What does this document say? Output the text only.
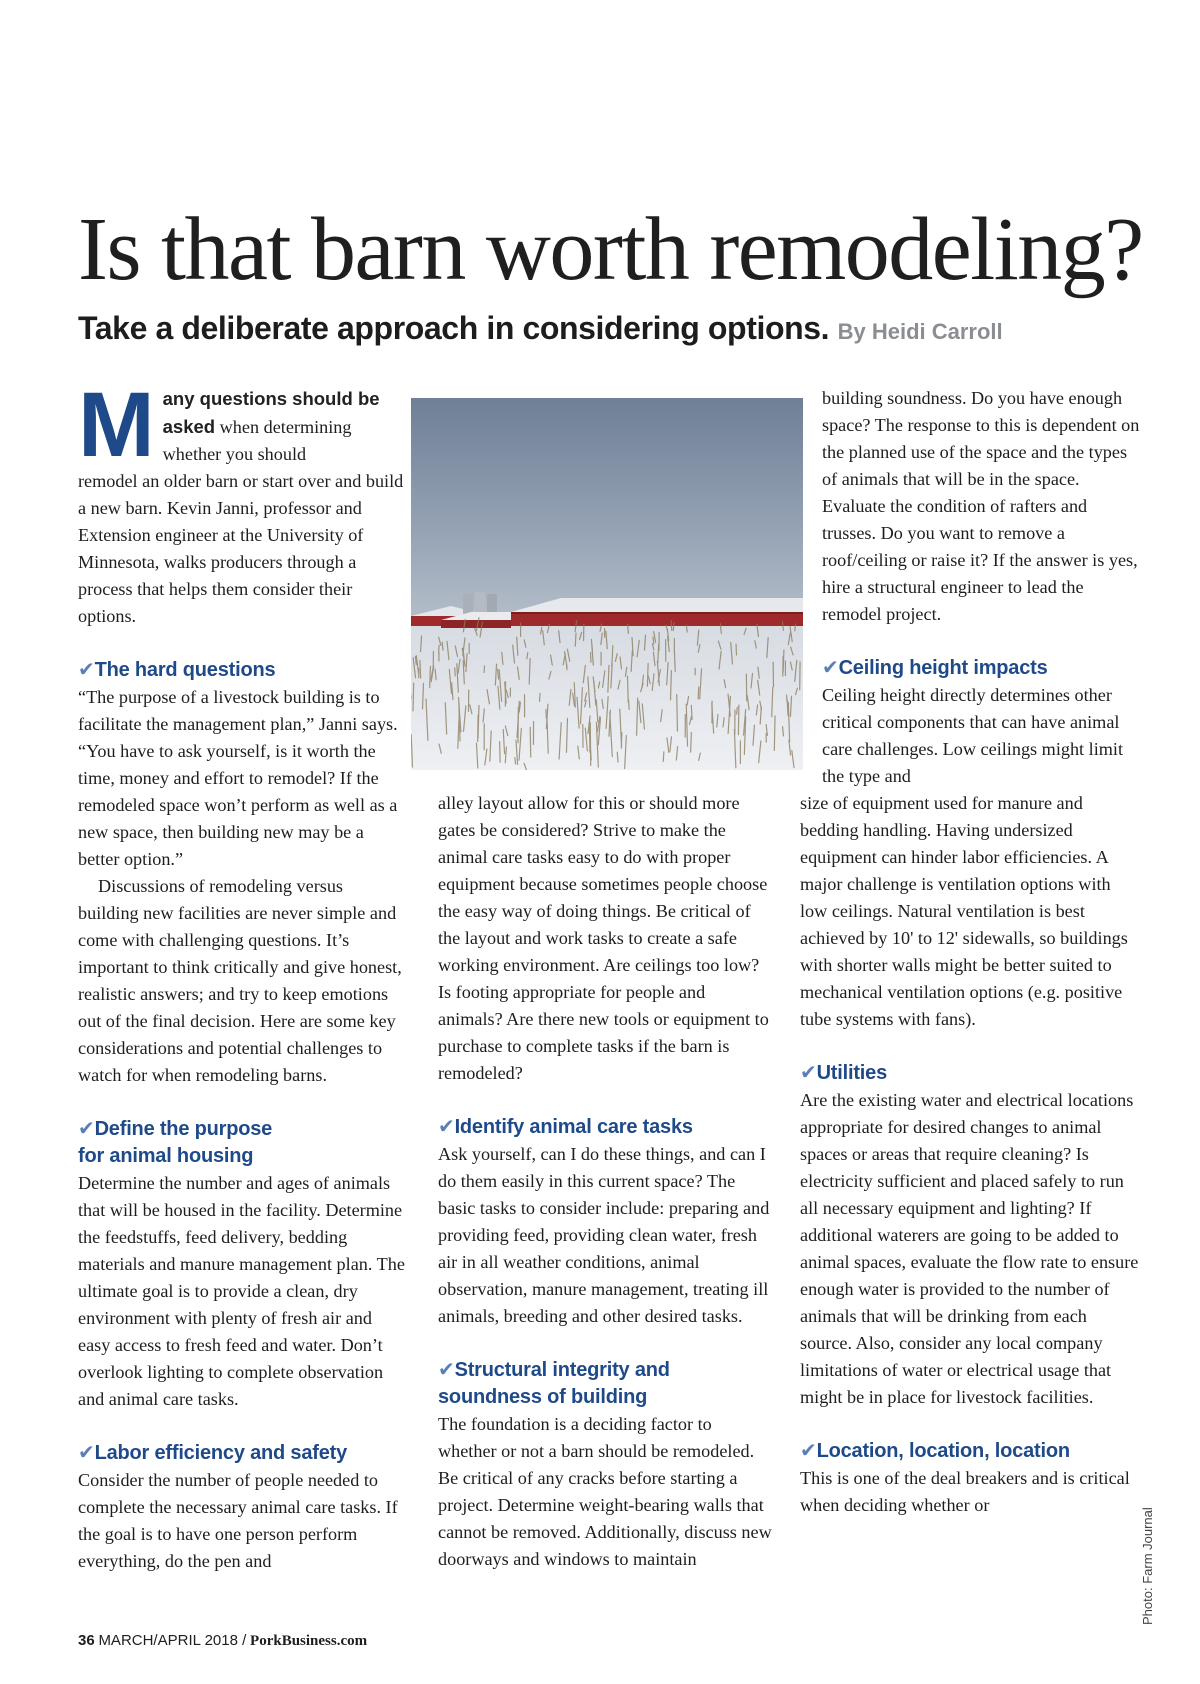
Is that barn worth remodeling?

Take a deliberate approach in considering options. By Heidi Carroll

Many questions should be asked when determining
whether you should
remodel an older barn or start over and build a new barn. Kevin Janni, professor and Extension engineer at the University of Minnesota, walks producers through a process that helps them consider their options.

✔The hard questions

“The purpose of a livestock building is to facilitate the management plan,” Janni says. “You have to ask yourself, is it worth the time, money and effort to remodel? If the remodeled space won’t perform as well as a new space, then building new may be a better option.”

Discussions of remodeling versus building new facilities are never simple and come with challenging questions. It’s important to think critically and give honest, realistic answers; and try to keep emotions out of the final decision. Here are some key considerations and potential challenges to watch for when remodeling barns.

✔Define the purpose
for animal housing

Determine the number and ages of animals that will be housed in the facility. Determine the feedstuffs, feed delivery, bedding materials and manure management plan. The ultimate goal is to provide a clean, dry environment with plenty of fresh air and easy access to fresh feed and water. Don’t overlook lighting to complete observation and animal care tasks.

✔Labor efficiency and safety

Consider the number of people needed to complete the necessary animal care tasks. If the goal is to have one person perform everything, do the pen and

alley layout allow for this or should more gates be considered? Strive to make the animal care tasks easy to do with proper equipment because sometimes people choose the easy way of doing things. Be critical of the layout and work tasks to create a safe working environment. Are ceilings too low? Is footing appropriate for people and animals? Are there new tools or equipment to purchase to complete tasks if the barn is remodeled?

✔Identify animal care tasks

Ask yourself, can I do these things, and can I do them easily in this current space? The basic tasks to consider include: preparing and providing feed, providing clean water, fresh air in all weather conditions, animal observation, manure management, treating ill animals, breeding and other desired tasks.

✔Structural integrity and
soundness of building

The foundation is a deciding factor to whether or not a barn should be remodeled. Be critical of any cracks before starting a project. Determine weight-bearing walls that cannot be removed. Additionally, discuss new doorways and windows to maintain

building soundness. Do you have enough space? The response to this is dependent on the planned use of the space and the types of animals that will be in the space. Evaluate the condition of rafters and trusses. Do you want to remove a roof/ceiling or raise it? If the answer is yes, hire a structural engineer to lead the remodel project.

✔Ceiling height impacts

Ceiling height directly determines other critical components that can have animal care challenges. Low ceilings might limit the type and

size of equipment used for manure and bedding handling. Having undersized equipment can hinder labor efficiencies. A major challenge is ventilation options with low ceilings. Natural ventilation is best achieved by 10' to 12' sidewalls, so buildings with shorter walls might be better suited to mechanical ventilation options (e.g. positive tube systems with fans).

✔Utilities

Are the existing water and electrical locations appropriate for desired changes to animal spaces or areas that require cleaning? Is electricity sufficient and placed safely to run all necessary equipment and lighting? If additional waterers are going to be added to animal spaces, evaluate the flow rate to ensure enough water is provided to the number of animals that will be drinking from each source. Also, consider any local company limitations of water or electrical usage that might be in place for livestock facilities.

✔Location, location, location

This is one of the deal breakers and is critical when deciding whether or

36 MARCH/APRIL 2018 / PorkBusiness.com
Photo: Farm Journal
